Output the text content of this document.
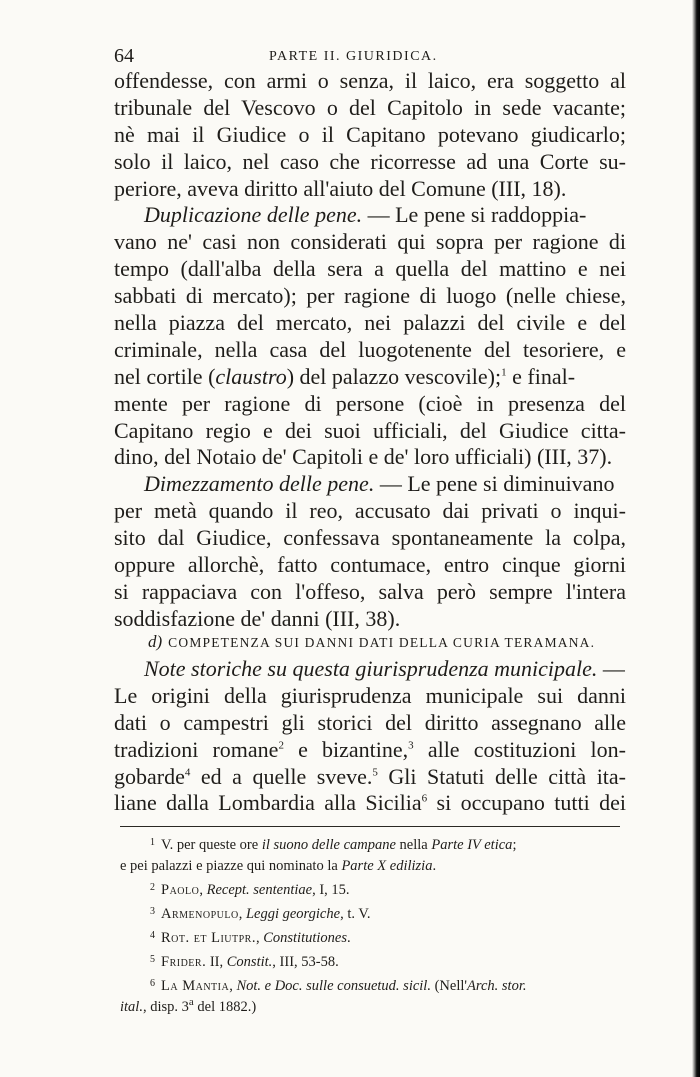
64	PARTE II. GIURIDICA.
offendesse, con armi o senza, il laico, era soggetto al
tribunale del Vescovo o del Capitolo in sede vacante;
nè mai il Giudice o il Capitano potevano giudicarlo;
solo il laico, nel caso che ricorresse ad una Corte su-
periore, aveva diritto all'aiuto del Comune (III, 18).
Duplicazione delle pene. — Le pene si raddoppia-
vano ne' casi non considerati qui sopra per ragione di
tempo (dall'alba della sera a quella del mattino e nei
sabbati di mercato); per ragione di luogo (nelle chiese,
nella piazza del mercato, nei palazzi del civile e del
criminale, nella casa del luogotenente del tesoriere, e
nel cortile (claustro) del palazzo vescovile);$^1$ e final-
mente per ragione di persone (cioè in presenza del
Capitano regio e dei suoi ufficiali, del Giudice citta-
dino, del Notaio de' Capitoli e de' loro ufficiali) (III, 37).
Dimezzamento delle pene. — Le pene si diminuivano
per metà quando il reo, accusato dai privati o inqui-
sito dal Giudice, confessava spontaneamente la colpa,
oppure allorchè, fatto contumace, entro cinque giorni
si rappaciava con l'offeso, salva però sempre l'intera
soddisfazione de' danni (III, 38).
d) COMPETENZA SUI DANNI DATI DELLA CURIA TERAMANA.
Note storiche su questa giurisprudenza municipale. —
Le origini della giurisprudenza municipale sui danni
dati o campestri gli storici del diritto assegnano alle
tradizioni romane$^2$ e bizantine,$^3$ alle costituzioni lon-
gobarde$^4$ ed a quelle sveve.$^5$ Gli Statuti delle città ita-
liane dalla Lombardia alla Sicilia$^6$ si occupano tutti dei
$^1$ V. per queste ore il suono delle campane nella Parte IV etica;
e pei palazzi e piazze qui nominato la Parte X edilizia.
$^2$ Paolo, Recept. sententiae, I, 15.
$^3$ Armenopulo, Leggi georgiche, t. V.
$^4$ Rot. et Liutpr., Constitutiones.
$^5$ Frider. II, Constit., III, 53-58.
$^6$ La Mantia, Not. e Doc. sulle consuetud. sicil. (Nell'Arch. stor.
ital., disp. 3$^a$ del 1882.)
